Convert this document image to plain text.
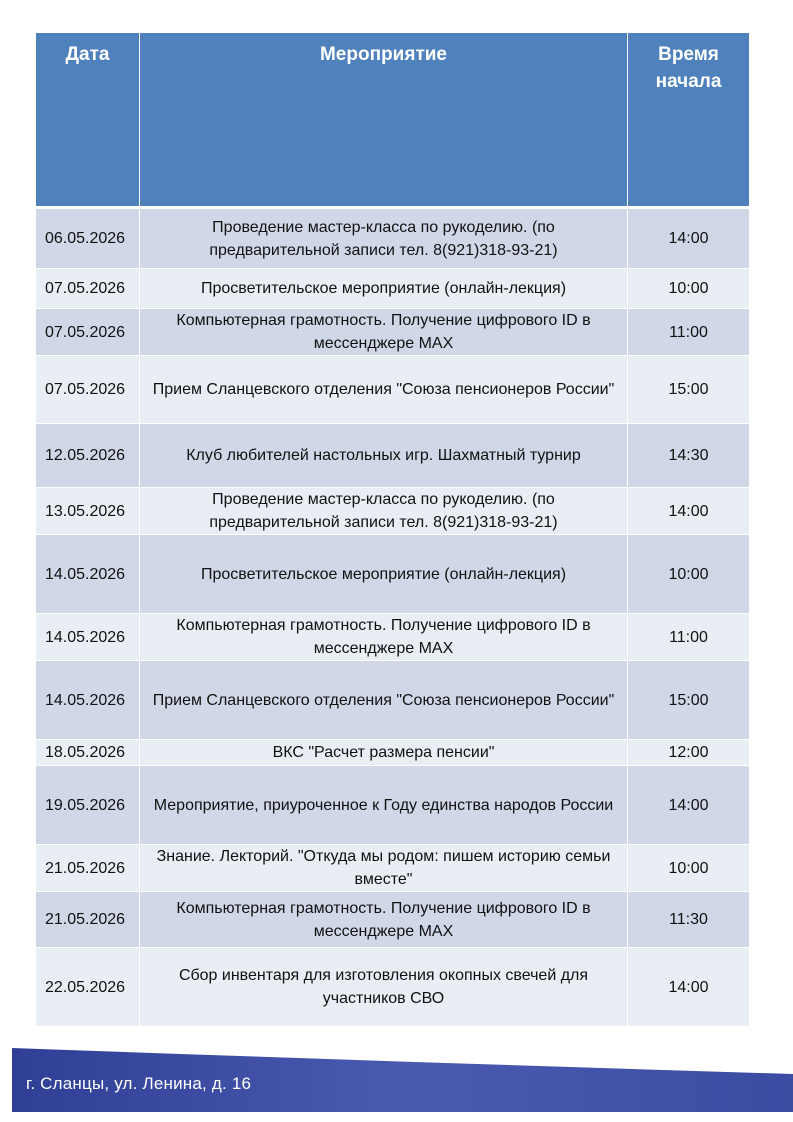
Дата	Мероприятие	Время
начала
06.05.2026	Проведение мастер-класса по рукоделию. (по предварительной записи тел. 8(921)318-93-21)	14:00
07.05.2026	Просветительское мероприятие (онлайн-лекция)	10:00
07.05.2026	Компьютерная грамотность. Получение цифрового ID в мессенджере MAX	11:00
07.05.2026	Прием Сланцевского отделения "Союза пенсионеров России"	15:00
12.05.2026	Клуб любителей настольных игр. Шахматный турнир	14:30
13.05.2026	Проведение мастер-класса по рукоделию. (по предварительной записи тел. 8(921)318-93-21)	14:00
14.05.2026	Просветительское мероприятие (онлайн-лекция)	10:00
14.05.2026	Компьютерная грамотность. Получение цифрового ID в мессенджере MAX	11:00
14.05.2026	Прием Сланцевского отделения "Союза пенсионеров России"	15:00
18.05.2026	ВКС "Расчет размера пенсии"	12:00
19.05.2026	Мероприятие, приуроченное к Году единства народов России	14:00
21.05.2026	Знание. Лекторий. "Откуда мы родом: пишем историю семьи вместе"	10:00
21.05.2026	Компьютерная грамотность. Получение цифрового ID в мессенджере MAX	11:30
22.05.2026	Сбор инвентаря для изготовления окопных свечей для участников СВО	14:00
г. Сланцы, ул. Ленина, д. 16
